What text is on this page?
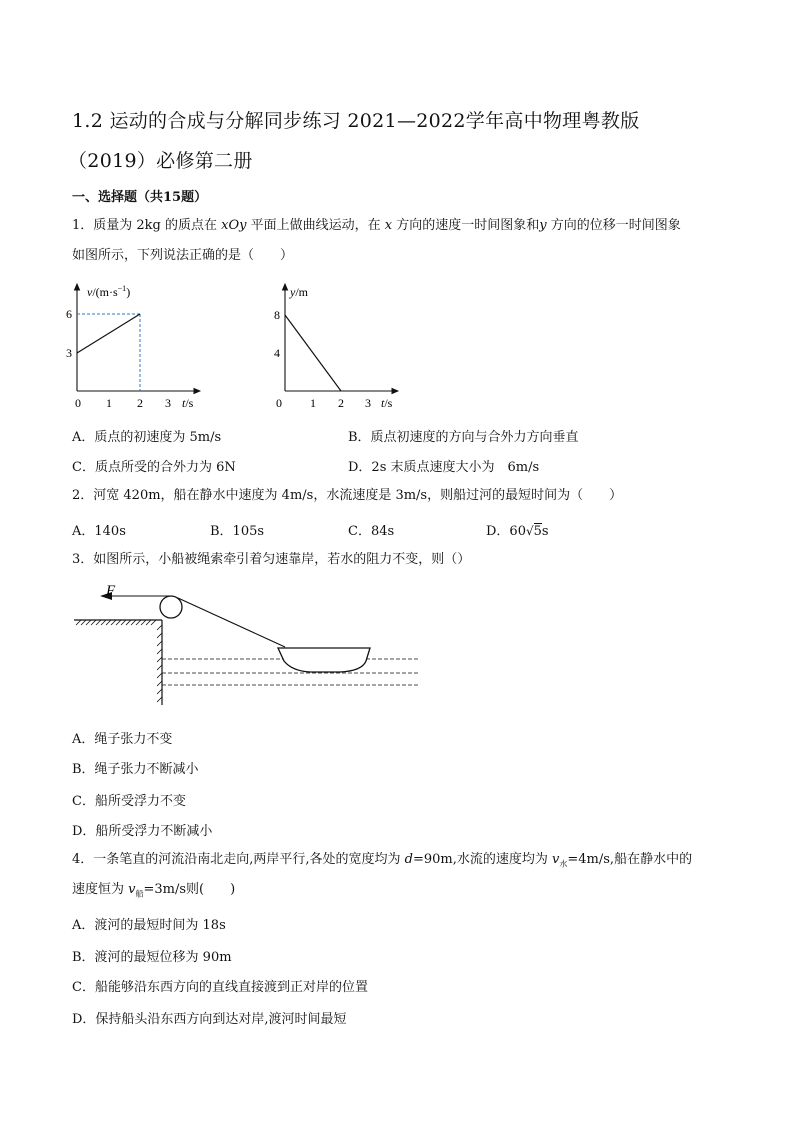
1.2 运动的合成与分解同步练习 2021—2022学年高中物理粤教版
（2019）必修第二册
一、选择题（共15题）
1．质量为 2kg 的质点在 xOy 平面上做曲线运动，在 x 方向的速度一时间图象和y 方向的位移一时间图象
如图所示，下列说法正确的是（　　）
$v/(m\cdot s^{-1})$
6
3
0 1 2 3 t/s
y/m
8
4
0 1 2 3 t/s
A．质点的初速度为 5m/s	B．质点初速度的方向与合外力方向垂直
C．质点所受的合外力为 6N	D．2s 末质点速度大小为　6m/s
2．河宽 420m，船在静水中速度为 4m/s，水流速度是 3m/s，则船过河的最短时间为（　　）
A．140s	B．105s	C．84s	D．60√5s
3．如图所示，小船被绳索牵引着匀速靠岸，若水的阻力不变，则（）
F
A．绳子张力不变
B．绳子张力不断减小
C．船所受浮力不变
D．船所受浮力不断减小
4．一条笔直的河流沿南北走向,两岸平行,各处的宽度均为 d=90m,水流的速度均为 $v_水=4m/s$,船在静水中的
速度恒为 $v_船=3m/s$则(　　)
A．渡河的最短时间为 18s
B．渡河的最短位移为 90m
C．船能够沿东西方向的直线直接渡到正对岸的位置
D．保持船头沿东西方向到达对岸,渡河时间最短
